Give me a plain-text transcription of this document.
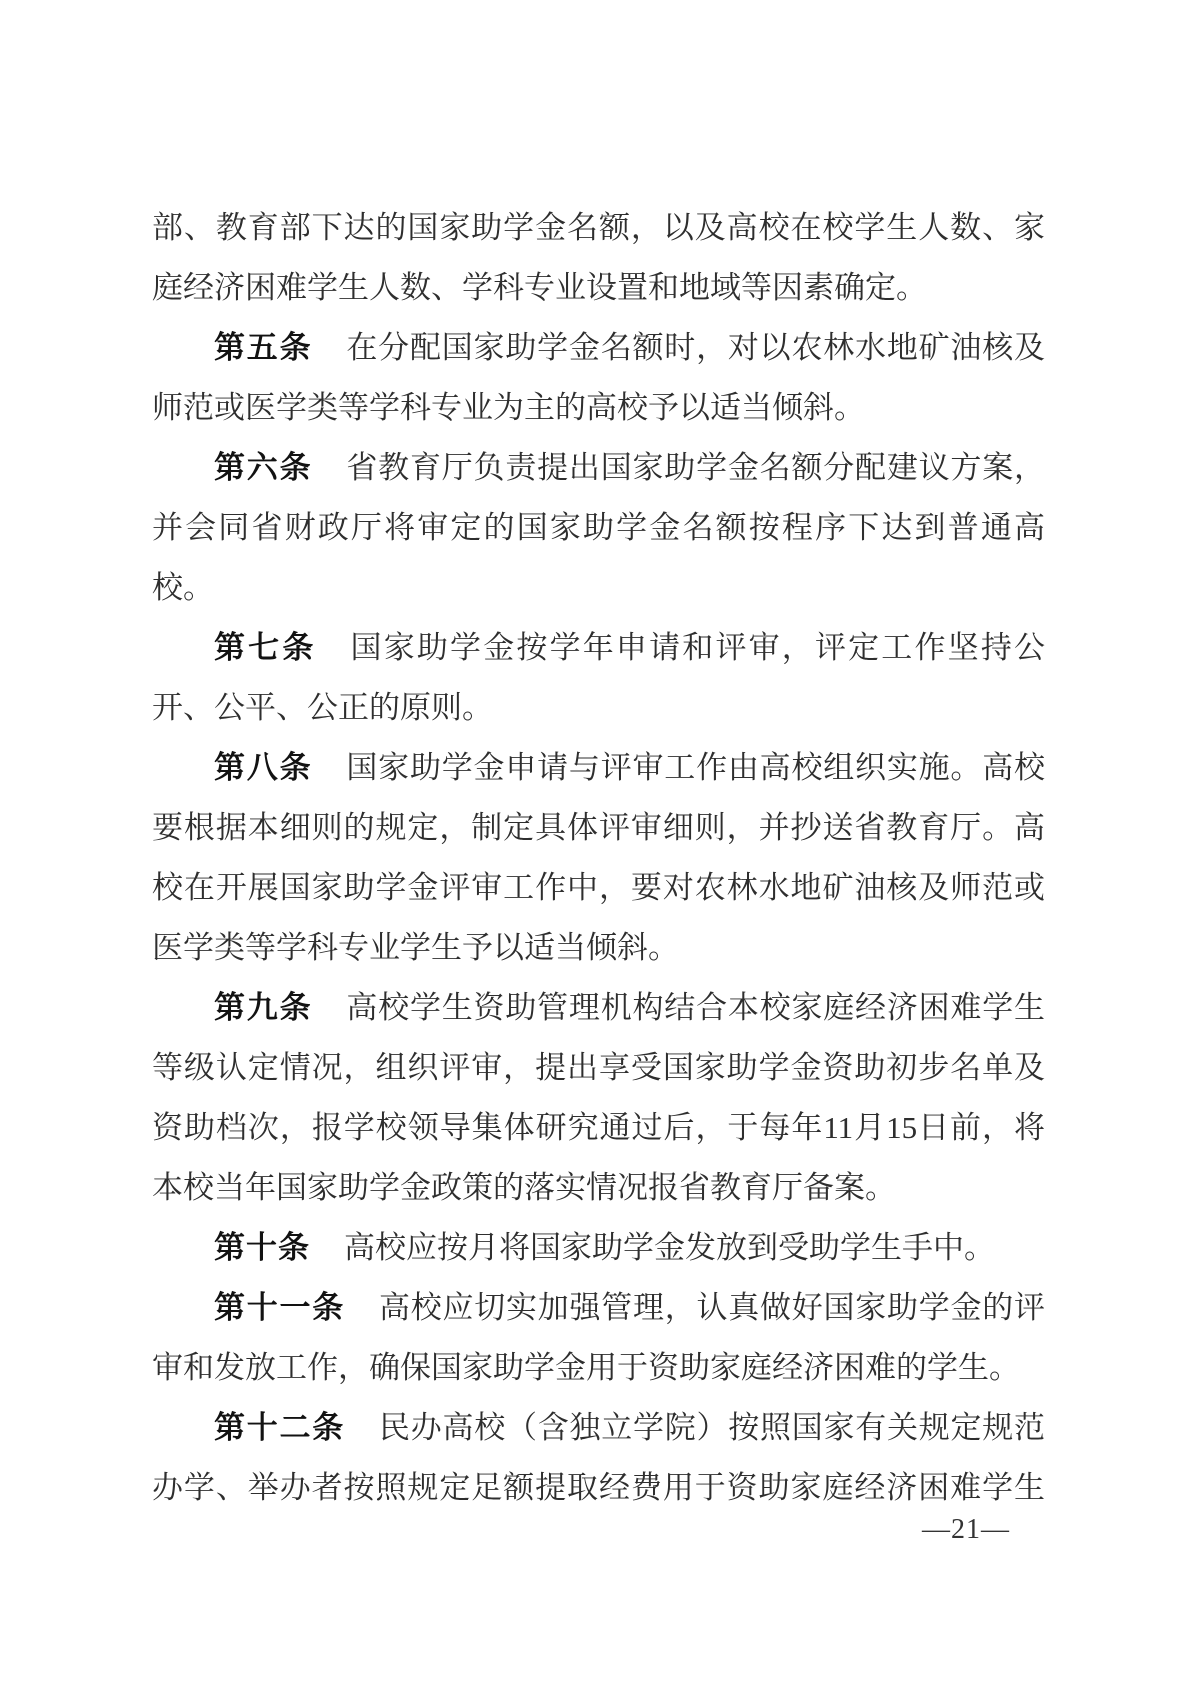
部、教育部下达的国家助学金名额，以及高校在校学生人数、家
庭经济困难学生人数、学科专业设置和地域等因素确定。
第五条 在分配国家助学金名额时，对以农林水地矿油核及
师范或医学类等学科专业为主的高校予以适当倾斜。
第六条 省教育厅负责提出国家助学金名额分配建议方案，
并会同省财政厅将审定的国家助学金名额按程序下达到普通高
校。
第七条 国家助学金按学年申请和评审，评定工作坚持公
开、公平、公正的原则。
第八条 国家助学金申请与评审工作由高校组织实施。高校
要根据本细则的规定，制定具体评审细则，并抄送省教育厅。高
校在开展国家助学金评审工作中，要对农林水地矿油核及师范或
医学类等学科专业学生予以适当倾斜。
第九条 高校学生资助管理机构结合本校家庭经济困难学生
等级认定情况，组织评审，提出享受国家助学金资助初步名单及
资助档次，报学校领导集体研究通过后，于每年11月15日前，将
本校当年国家助学金政策的落实情况报省教育厅备案。
第十条 高校应按月将国家助学金发放到受助学生手中。
第十一条 高校应切实加强管理，认真做好国家助学金的评
审和发放工作，确保国家助学金用于资助家庭经济困难的学生。
第十二条 民办高校（含独立学院）按照国家有关规定规范
办学、举办者按照规定足额提取经费用于资助家庭经济困难学生
—21—
